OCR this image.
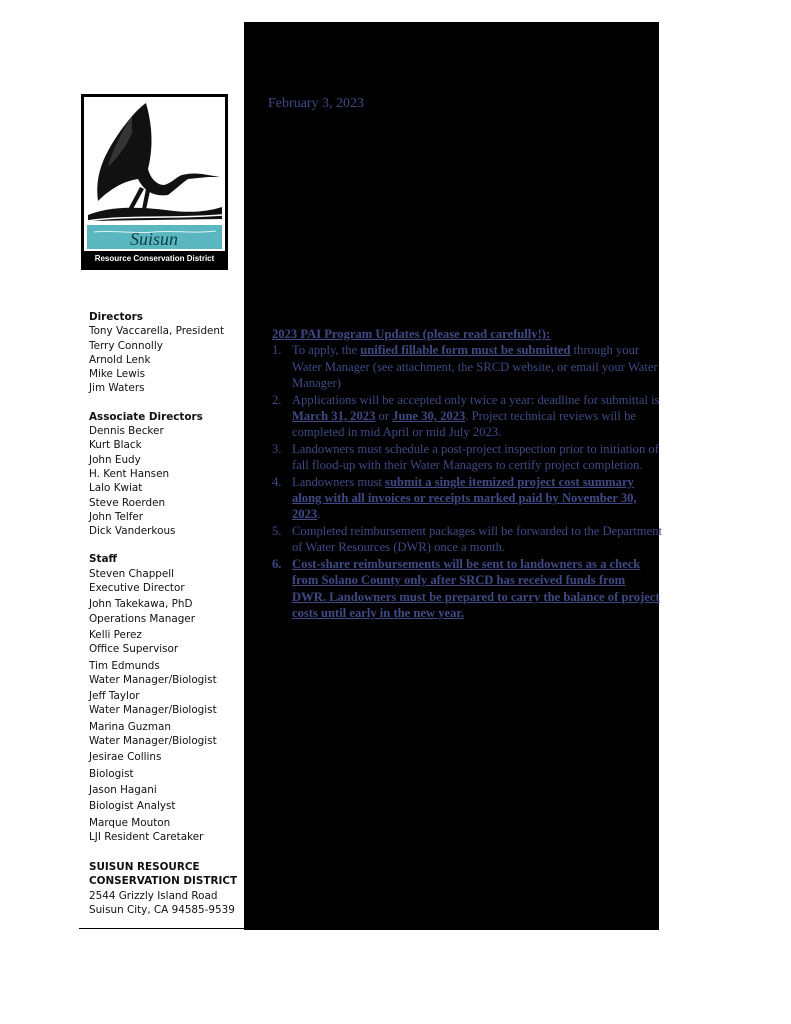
Suisun
Resource Conservation District
Directors
Tony Vaccarella, President
Terry Connolly
Arnold Lenk
Mike Lewis
Jim Waters
Associate Directors
Dennis Becker
Kurt Black
John Eudy
H. Kent Hansen
Lalo Kwiat
Steve Roerden
John Telfer
Dick Vanderkous
Staff
Steven Chappell
Executive Director
John Takekawa, PhD
Operations Manager
Kelli Perez
Office Supervisor
Tim Edmunds
Water Manager/Biologist
Jeff Taylor
Water Manager/Biologist
Marina Guzman
Water Manager/Biologist
Jesirae Collins
Biologist
Jason Hagani
Biologist Analyst
Marque Mouton
LJI Resident Caretaker
SUISUN RESOURCE
CONSERVATION DISTRICT
2544 Grizzly Island Road
Suisun City, CA 94585-9539
February 3, 2023
2023 PAI Program Updates (please read carefully!):
1. To apply, the unified fillable form must be submitted through your Water Manager (see attachment, the SRCD website, or email your Water Manager)
2. Applications will be accepted only twice a year: deadline for submittal is March 31, 2023 or June 30, 2023. Project technical reviews will be completed in mid April or mid July 2023.
3. Landowners must schedule a post-project inspection prior to initiation of fall flood-up with their Water Managers to certify project completion.
4. Landowners must submit a single itemized project cost summary along with all invoices or receipts marked paid by November 30, 2023.
5. Completed reimbursement packages will be forwarded to the Department of Water Resources (DWR) once a month.
6. Cost-share reimbursements will be sent to landowners as a check from Solano County only after SRCD has received funds from DWR. Landowners must be prepared to carry the balance of project costs until early in the new year.
